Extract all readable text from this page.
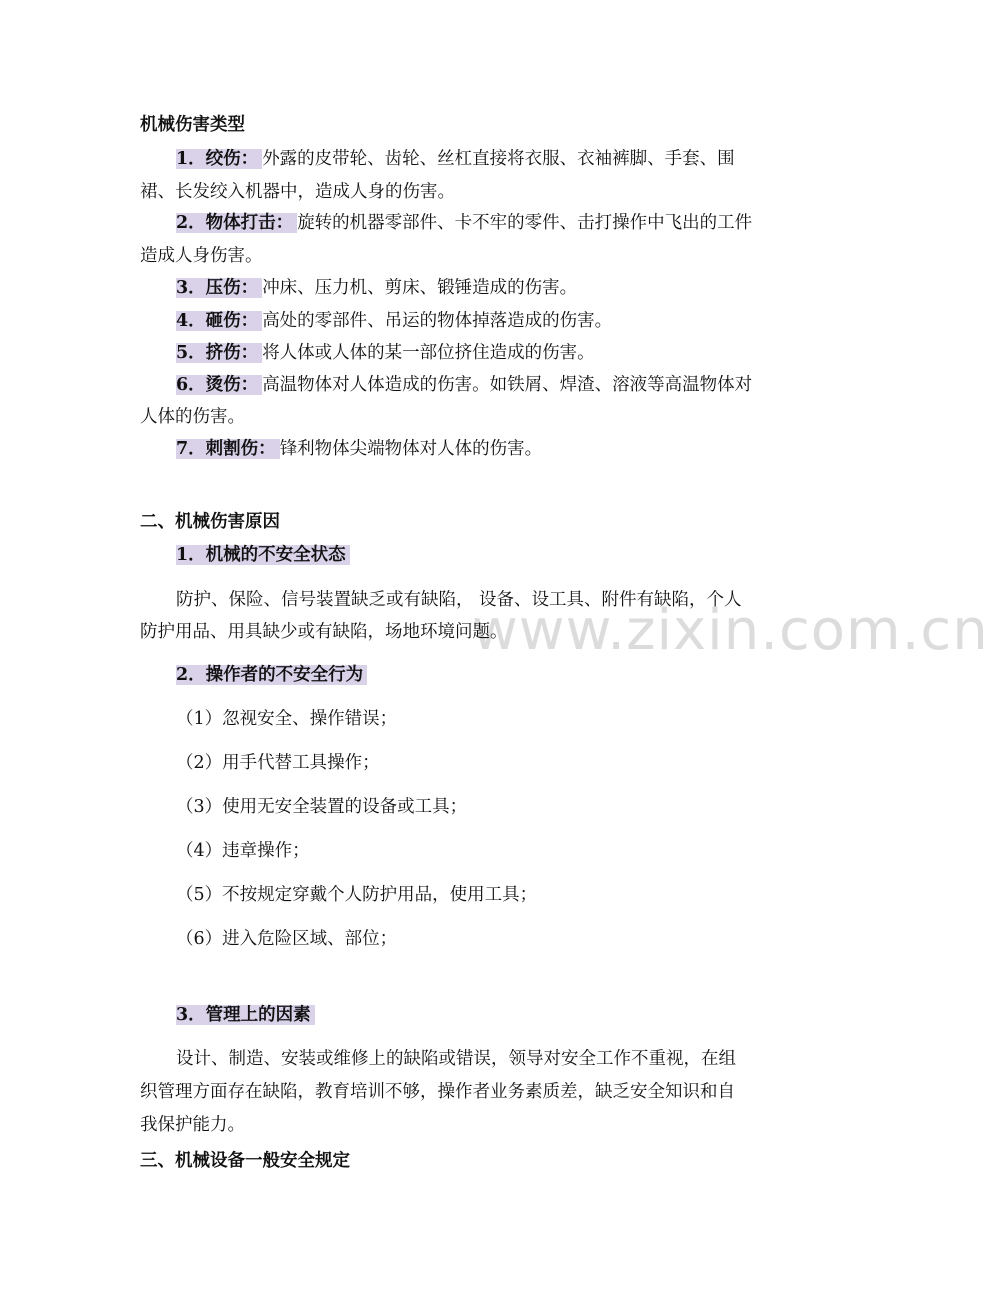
www.zixin.com.cn
机械伤害类型
1．绞伤： 外露的皮带轮、齿轮、丝杠直接将衣服、衣袖裤脚、手套、围
裙、长发绞入机器中，造成人身的伤害。
2．物体打击： 旋转的机器零部件、卡不牢的零件、击打操作中飞出的工件
造成人身伤害。
3．压伤： 冲床、压力机、剪床、锻锤造成的伤害。
4．砸伤： 高处的零部件、吊运的物体掉落造成的伤害。
5．挤伤： 将人体或人体的某一部位挤住造成的伤害。
6．烫伤： 高温物体对人体造成的伤害。如铁屑、焊渣、溶液等高温物体对
人体的伤害。
7．刺割伤： 锋利物体尖端物体对人体的伤害。
二、机械伤害原因
1．机械的不安全状态
防护、保险、信号装置缺乏或有缺陷， 设备、设工具、附件有缺陷，个人
防护用品、用具缺少或有缺陷，场地环境问题。
2．操作者的不安全行为
（1）忽视安全、操作错误；
（2）用手代替工具操作；
（3）使用无安全装置的设备或工具；
（4）违章操作；
（5）不按规定穿戴个人防护用品，使用工具；
（6）进入危险区域、部位；
3．管理上的因素
设计、制造、安装或维修上的缺陷或错误，领导对安全工作不重视，在组
织管理方面存在缺陷，教育培训不够，操作者业务素质差，缺乏安全知识和自
我保护能力。
三、机械设备一般安全规定
